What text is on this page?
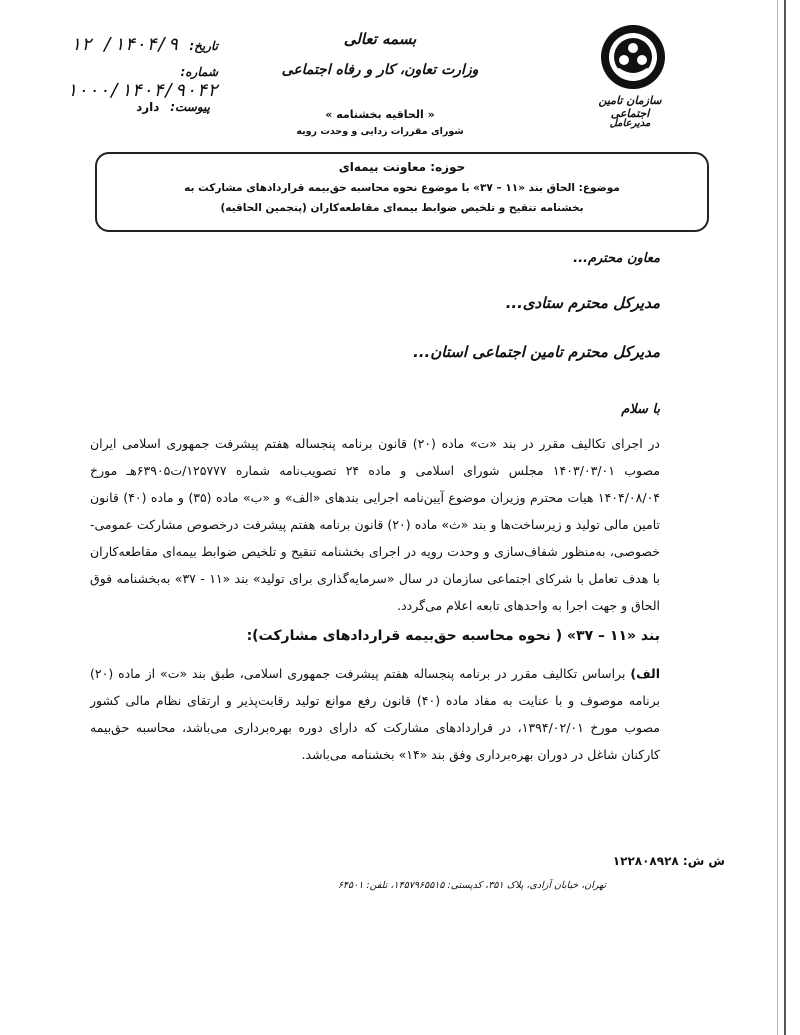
تاریخ: ۱۴۰۴/۹/ ۱۲
شماره: ۱۰۰۰/۱۴۰۴/۹۰۴۲
پیوست: دارد
بسمه تعالی
وزارت تعاون، کار و رفاه اجتماعی
« الحاقیه بخشنامه »
شورای مقررات زدایی و وحدت رویه
سازمان تامین اجتماعی
مدیرعامل
حوزه: معاونت بیمه‌ای
موضوع: الحاق بند «۱۱ – ۳۷» با موضوع نحوه محاسبه حق‌بیمه قراردادهای مشارکت به
بخشنامه تنقیح و تلخیص ضوابط بیمه‌ای مقاطعه‌کاران (پنجمین الحاقیه)
معاون محترم...
مدیرکل محترم ستادی...
مدیرکل محترم تامین اجتماعی استان...
با سلام
در اجرای تکالیف مقرر در بند «ت» ماده (۲۰) قانون برنامه پنجساله هفتم پیشرفت جمهوری اسلامی ایران مصوب ۱۴۰۳/۰۳/۰۱ مجلس شورای اسلامی و ماده ۲۴ تصویب‌نامه شماره ۱۲۵۷۷۷/ت۶۳۹۰۵هـ مورخ ۱۴۰۴/۰۸/۰۴ هیات محترم وزیران موضوع آیین‌نامه اجرایی بندهای «الف» و «ب» ماده (۳۵) و ماده (۴۰) قانون تامین مالی تولید و زیرساخت‌ها و بند «ث» ماده (۲۰) قانون برنامه هفتم پیشرفت درخصوص مشارکت عمومی-خصوصی، به‌منظور شفاف‌سازی و وحدت رویه در اجرای بخشنامه تنقیح و تلخیص ضوابط بیمه‌ای مقاطعه‌کاران با هدف تعامل با شرکای اجتماعی سازمان در سال «سرمایه‌گذاری برای تولید» بند «۱۱ - ۳۷» به‌بخشنامه فوق الحاق و جهت اجرا به واحدهای تابعه اعلام می‌گردد.
بند «۱۱ – ۳۷» ( نحوه محاسبه حق‌بیمه قراردادهای مشارکت):
الف) براساس تکالیف مقرر در برنامه پنجساله هفتم پیشرفت جمهوری اسلامی، طبق بند «ت» از ماده (۲۰) برنامه موصوف و با عنایت به مفاد ماده (۴۰) قانون رفع موانع تولید رقابت‌پذیر و ارتقای نظام مالی کشور مصوب مورخ ۱۳۹۴/۰۲/۰۱، در قراردادهای مشارکت که دارای دوره بهره‌برداری می‌باشد، محاسبه حق‌بیمه کارکنان شاغل در دوران بهره‌برداری وفق بند «۱۴» بخشنامه می‌باشد.
ش ش: ۱۲۲۸۰۸۹۲۸
تهران، خیابان آزادی، پلاک ۳۵۱، کدپستی: ۱۴۵۷۹۶۵۵۱۵، تلفن: ۶۴۵۰۱
